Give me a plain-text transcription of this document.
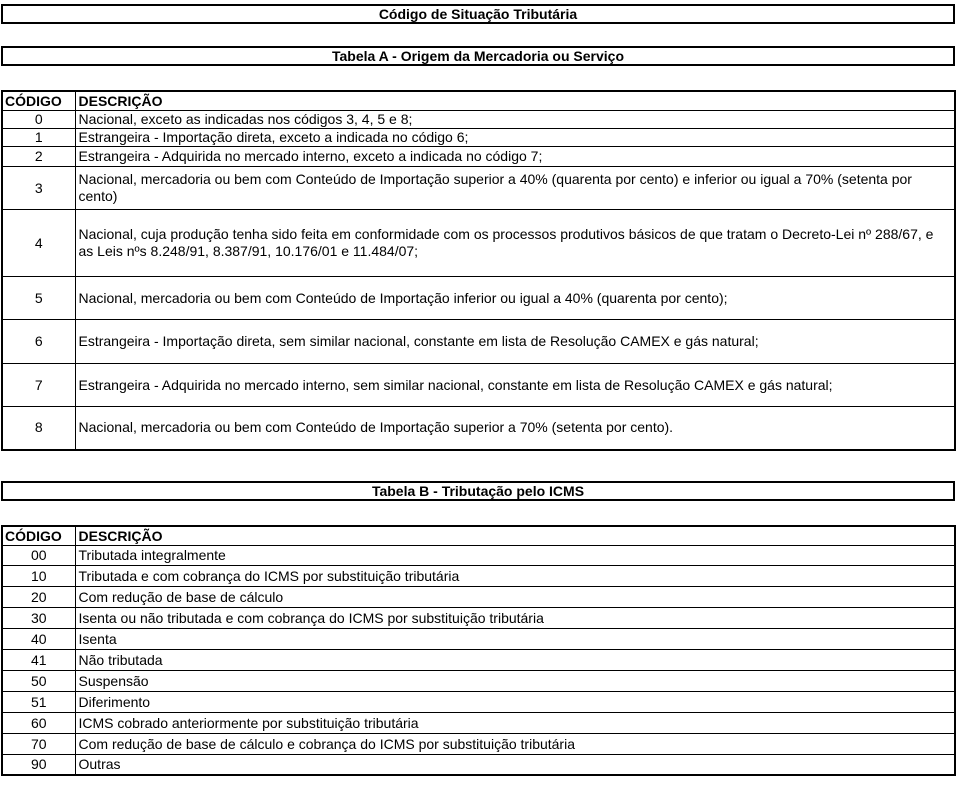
Código de Situação Tributária
Tabela A - Origem da Mercadoria ou Serviço
CÓDIGO	DESCRIÇÃO
0	Nacional, exceto as indicadas nos códigos 3, 4, 5 e 8;
1	Estrangeira - Importação direta, exceto a indicada no código 6;
2	Estrangeira - Adquirida no mercado interno, exceto a indicada no código 7;
3	Nacional, mercadoria ou bem com Conteúdo de Importação superior a 40% (quarenta por cento) e inferior ou igual a 70% (setenta por cento)
4	Nacional, cuja produção tenha sido feita em conformidade com os processos produtivos básicos de que tratam o Decreto-Lei nº 288/67, e as Leis nºs 8.248/91, 8.387/91, 10.176/01 e 11.484/07;
5	Nacional, mercadoria ou bem com Conteúdo de Importação inferior ou igual a 40% (quarenta por cento);
6	Estrangeira - Importação direta, sem similar nacional, constante em lista de Resolução CAMEX e gás natural;
7	Estrangeira - Adquirida no mercado interno, sem similar nacional, constante em lista de Resolução CAMEX e gás natural;
8	Nacional, mercadoria ou bem com Conteúdo de Importação superior a 70% (setenta por cento).
Tabela B - Tributação pelo ICMS
CÓDIGO	DESCRIÇÃO
00	Tributada integralmente
10	Tributada e com cobrança do ICMS por substituição tributária
20	Com redução de base de cálculo
30	Isenta ou não tributada e com cobrança do ICMS por substituição tributária
40	Isenta
41	Não tributada
50	Suspensão
51	Diferimento
60	ICMS cobrado anteriormente por substituição tributária
70	Com redução de base de cálculo e cobrança do ICMS por substituição tributária
90	Outras
